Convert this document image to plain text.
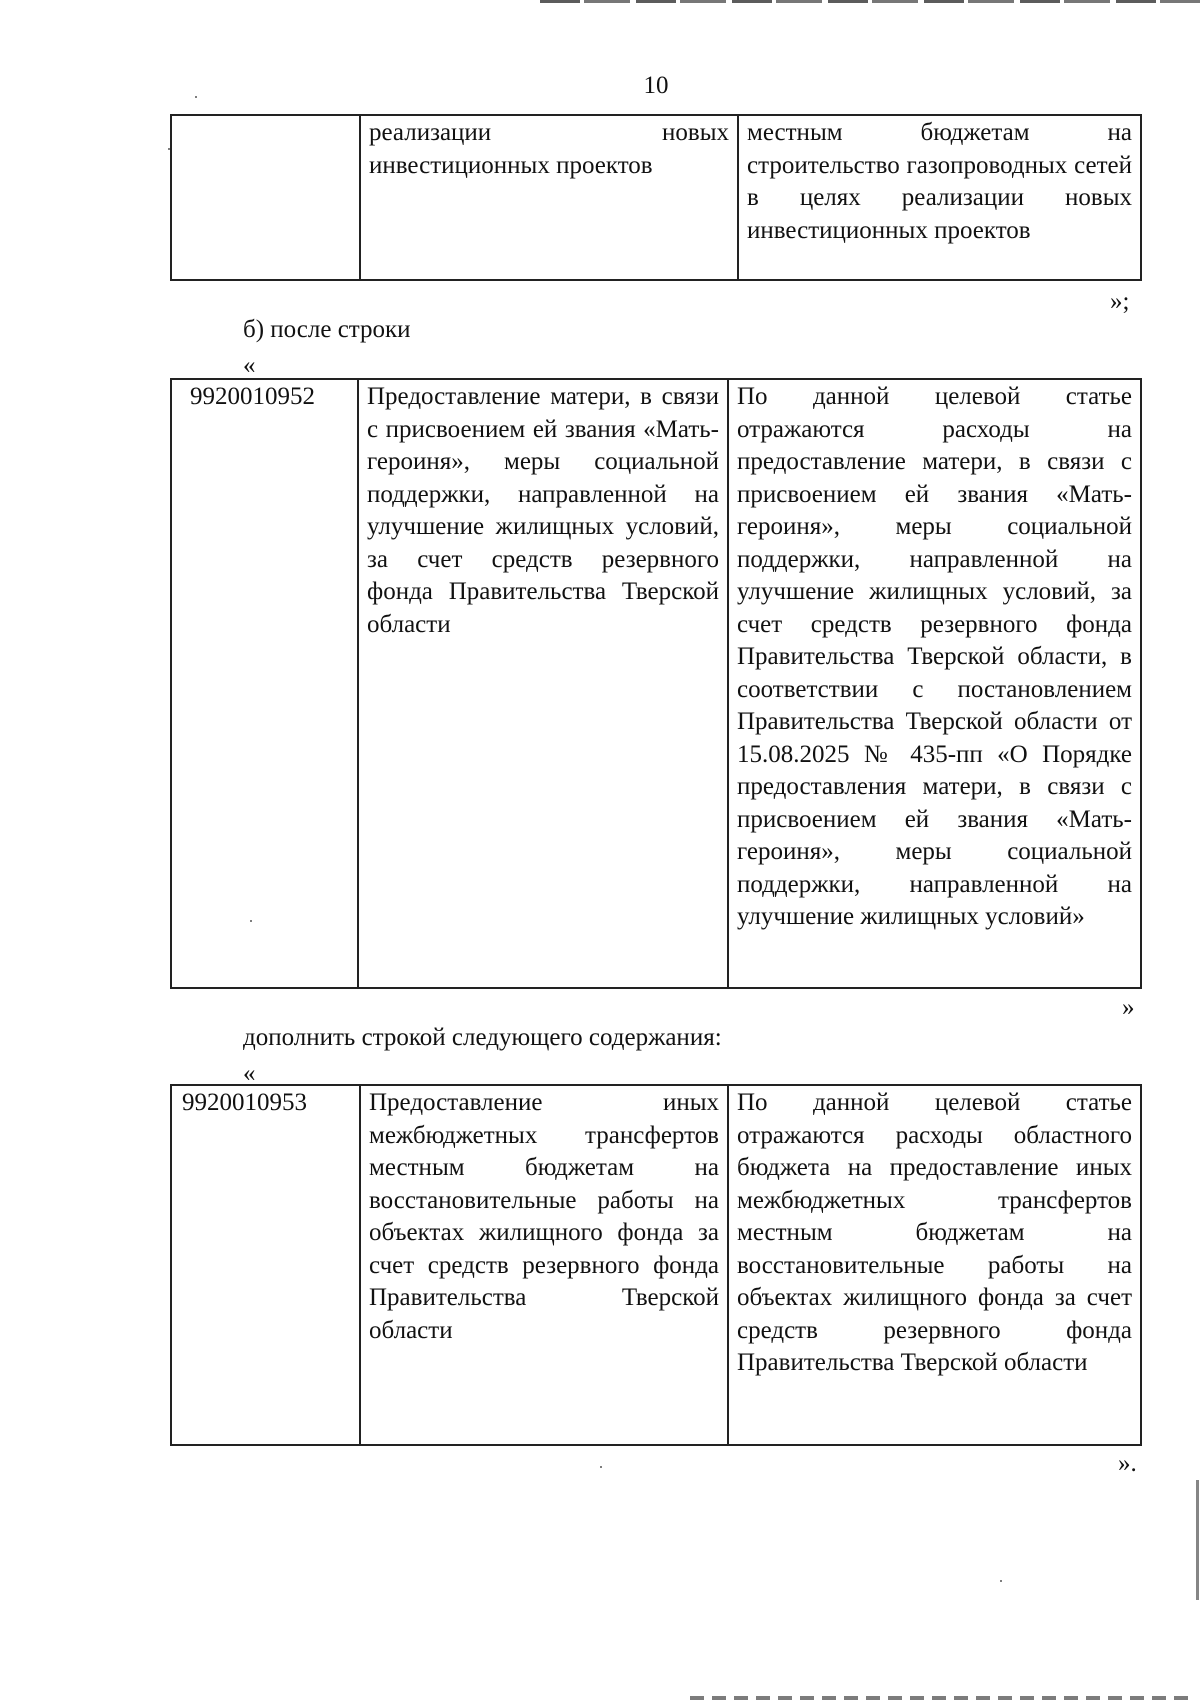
10
	реализации новых инвестиционных проектов	местным бюджетам на строительство газопроводных сетей в целях реализации новых инвестиционных проектов
»;
б) после строки
«
9920010952	Предоставление матери, в связи с присвоением ей звания «Мать-героиня», меры социальной поддержки, направленной на улучшение жилищных условий, за счет средств резервного фонда Правительства Тверской области	По данной целевой статье отражаются расходы на предоставление матери, в связи с присвоением ей звания «Мать-героиня», меры социальной поддержки, направленной на улучшение жилищных условий, за счет средств резервного фонда Правительства Тверской области, в соответствии с постановлением Правительства Тверской области от 15.08.2025 № 435-пп «О Порядке предоставления матери, в связи с присвоением ей звания «Мать-героиня», меры социальной поддержки, направленной на улучшение жилищных условий»
»
дополнить строкой следующего содержания:
«
9920010953	Предоставление иных межбюджетных трансфертов местным бюджетам на восстановительные работы на объектах жилищного фонда за счет средств резервного фонда Правительства Тверской области	По данной целевой статье отражаются расходы областного бюджета на предоставление иных межбюджетных трансфертов местным бюджетам на восстановительные работы на объектах жилищного фонда за счет средств резервного фонда Правительства Тверской области
».
